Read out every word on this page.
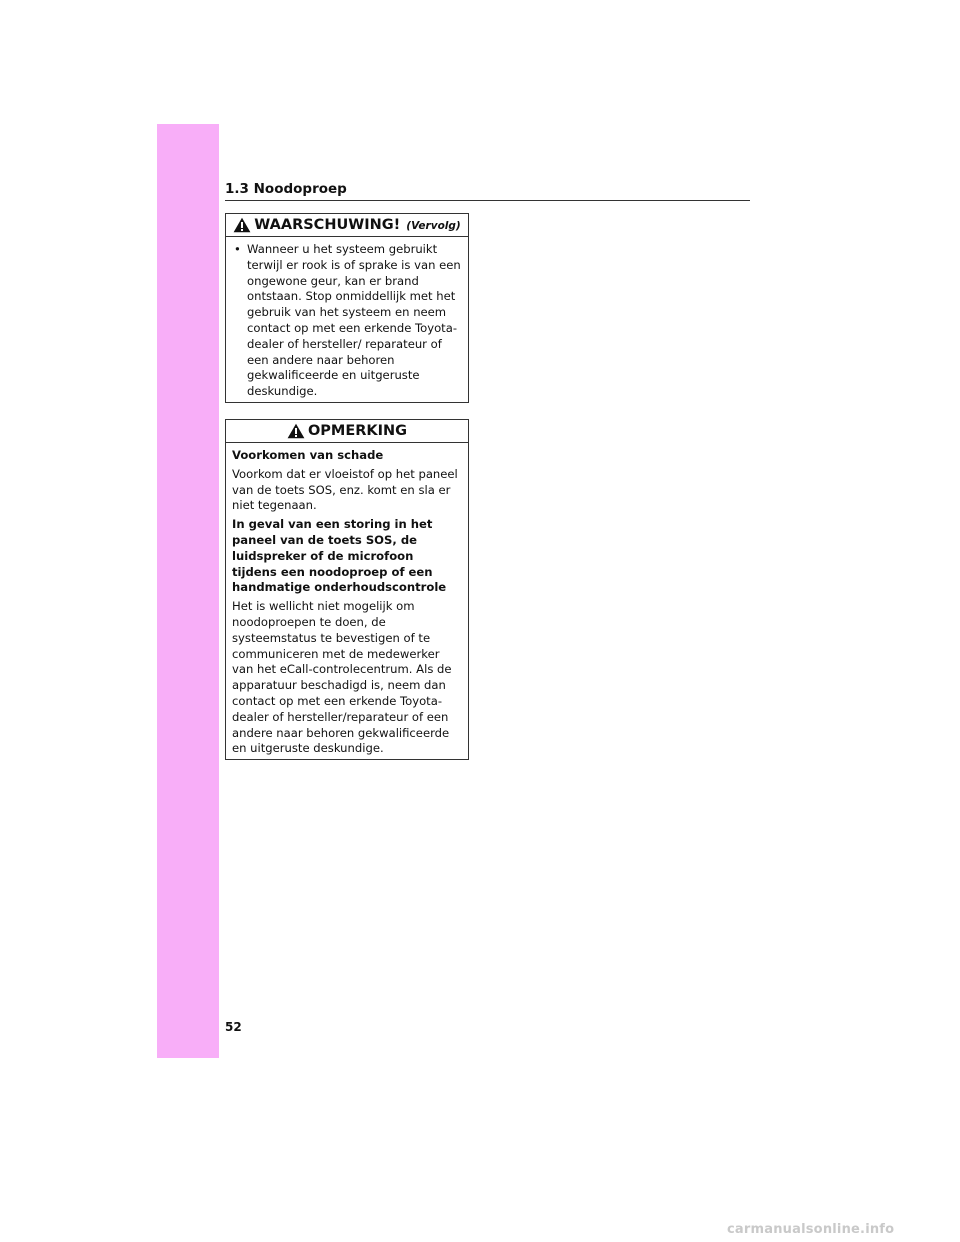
1.3 Noodoproep
WAARSCHUWING! (Vervolg)
• Wanneer u het systeem gebruikt terwijl er rook is of sprake is van een ongewone geur, kan er brand ontstaan. Stop onmiddellijk met het gebruik van het systeem en neem contact op met een erkende Toyota-dealer of hersteller/ reparateur of een andere naar behoren gekwalificeerde en uitgeruste deskundige.
OPMERKING

Voorkomen van schade

Voorkom dat er vloeistof op het paneel van de toets SOS, enz. komt en sla er niet tegenaan.

In geval van een storing in het paneel van de toets SOS, de luidspreker of de microfoon tijdens een noodoproep of een handmatige onderhoudscontrole

Het is wellicht niet mogelijk om noodoproepen te doen, de systeemstatus te bevestigen of te communiceren met de medewerker van het eCall-controlecentrum. Als de apparatuur beschadigd is, neem dan contact op met een erkende Toyota-dealer of hersteller/reparateur of een andere naar behoren gekwalificeerde en uitgeruste deskundige.

52
carmanualsonline.info
